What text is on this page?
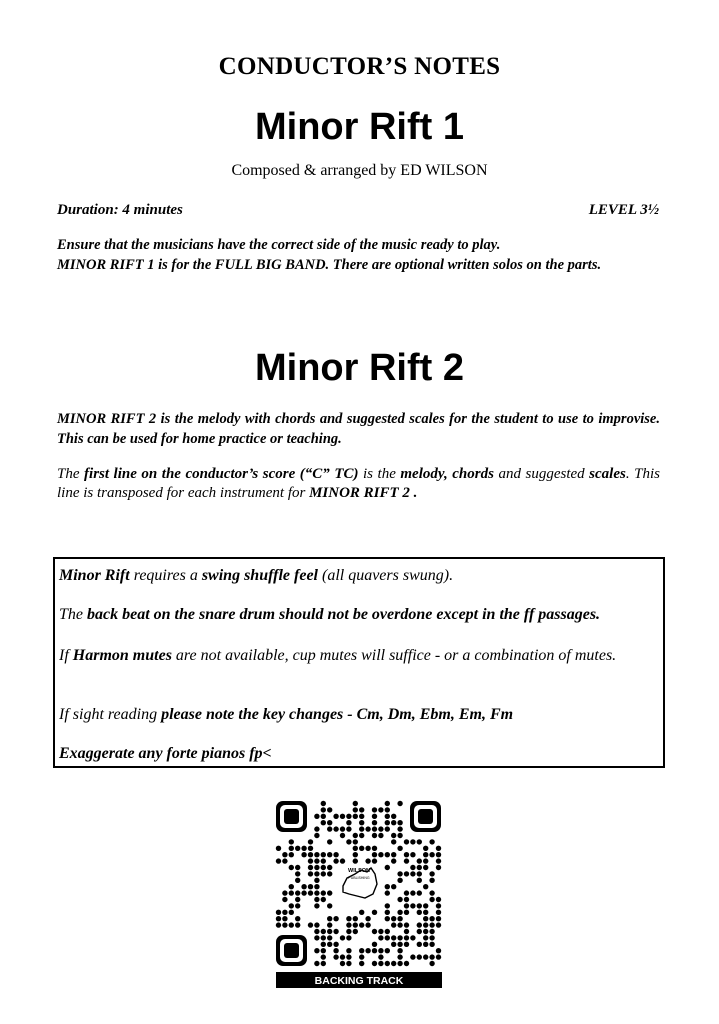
CONDUCTOR’S NOTES
Minor Rift 1
Composed & arranged by ED WILSON
Duration: 4 minutes	LEVEL 3½
Ensure that the musicians have the correct side of the music ready to play.
MINOR RIFT 1 is for the FULL BIG BAND. There are optional written solos on the parts.
Minor Rift 2
MINOR RIFT 2 is the melody with chords and suggested scales for the student to use to improvise. This can be used for home practice or teaching.
The first line on the conductor’s score (“C” TC) is the melody, chords and suggested scales. This line is transposed for each instrument for MINOR RIFT 2 .
Minor Rift requires a swing shuffle feel (all quavers swung).
The back beat on the snare drum should not be overdone except in the ff passages.
If Harmon mutes are not available, cup mutes will suffice - or a combination of mutes.
If sight reading please note the key changes - Cm, Dm, Ebm, Em, Fm
Exaggerate any forte pianos fp<
WILSON
PUBLISHING
BACKING TRACK
